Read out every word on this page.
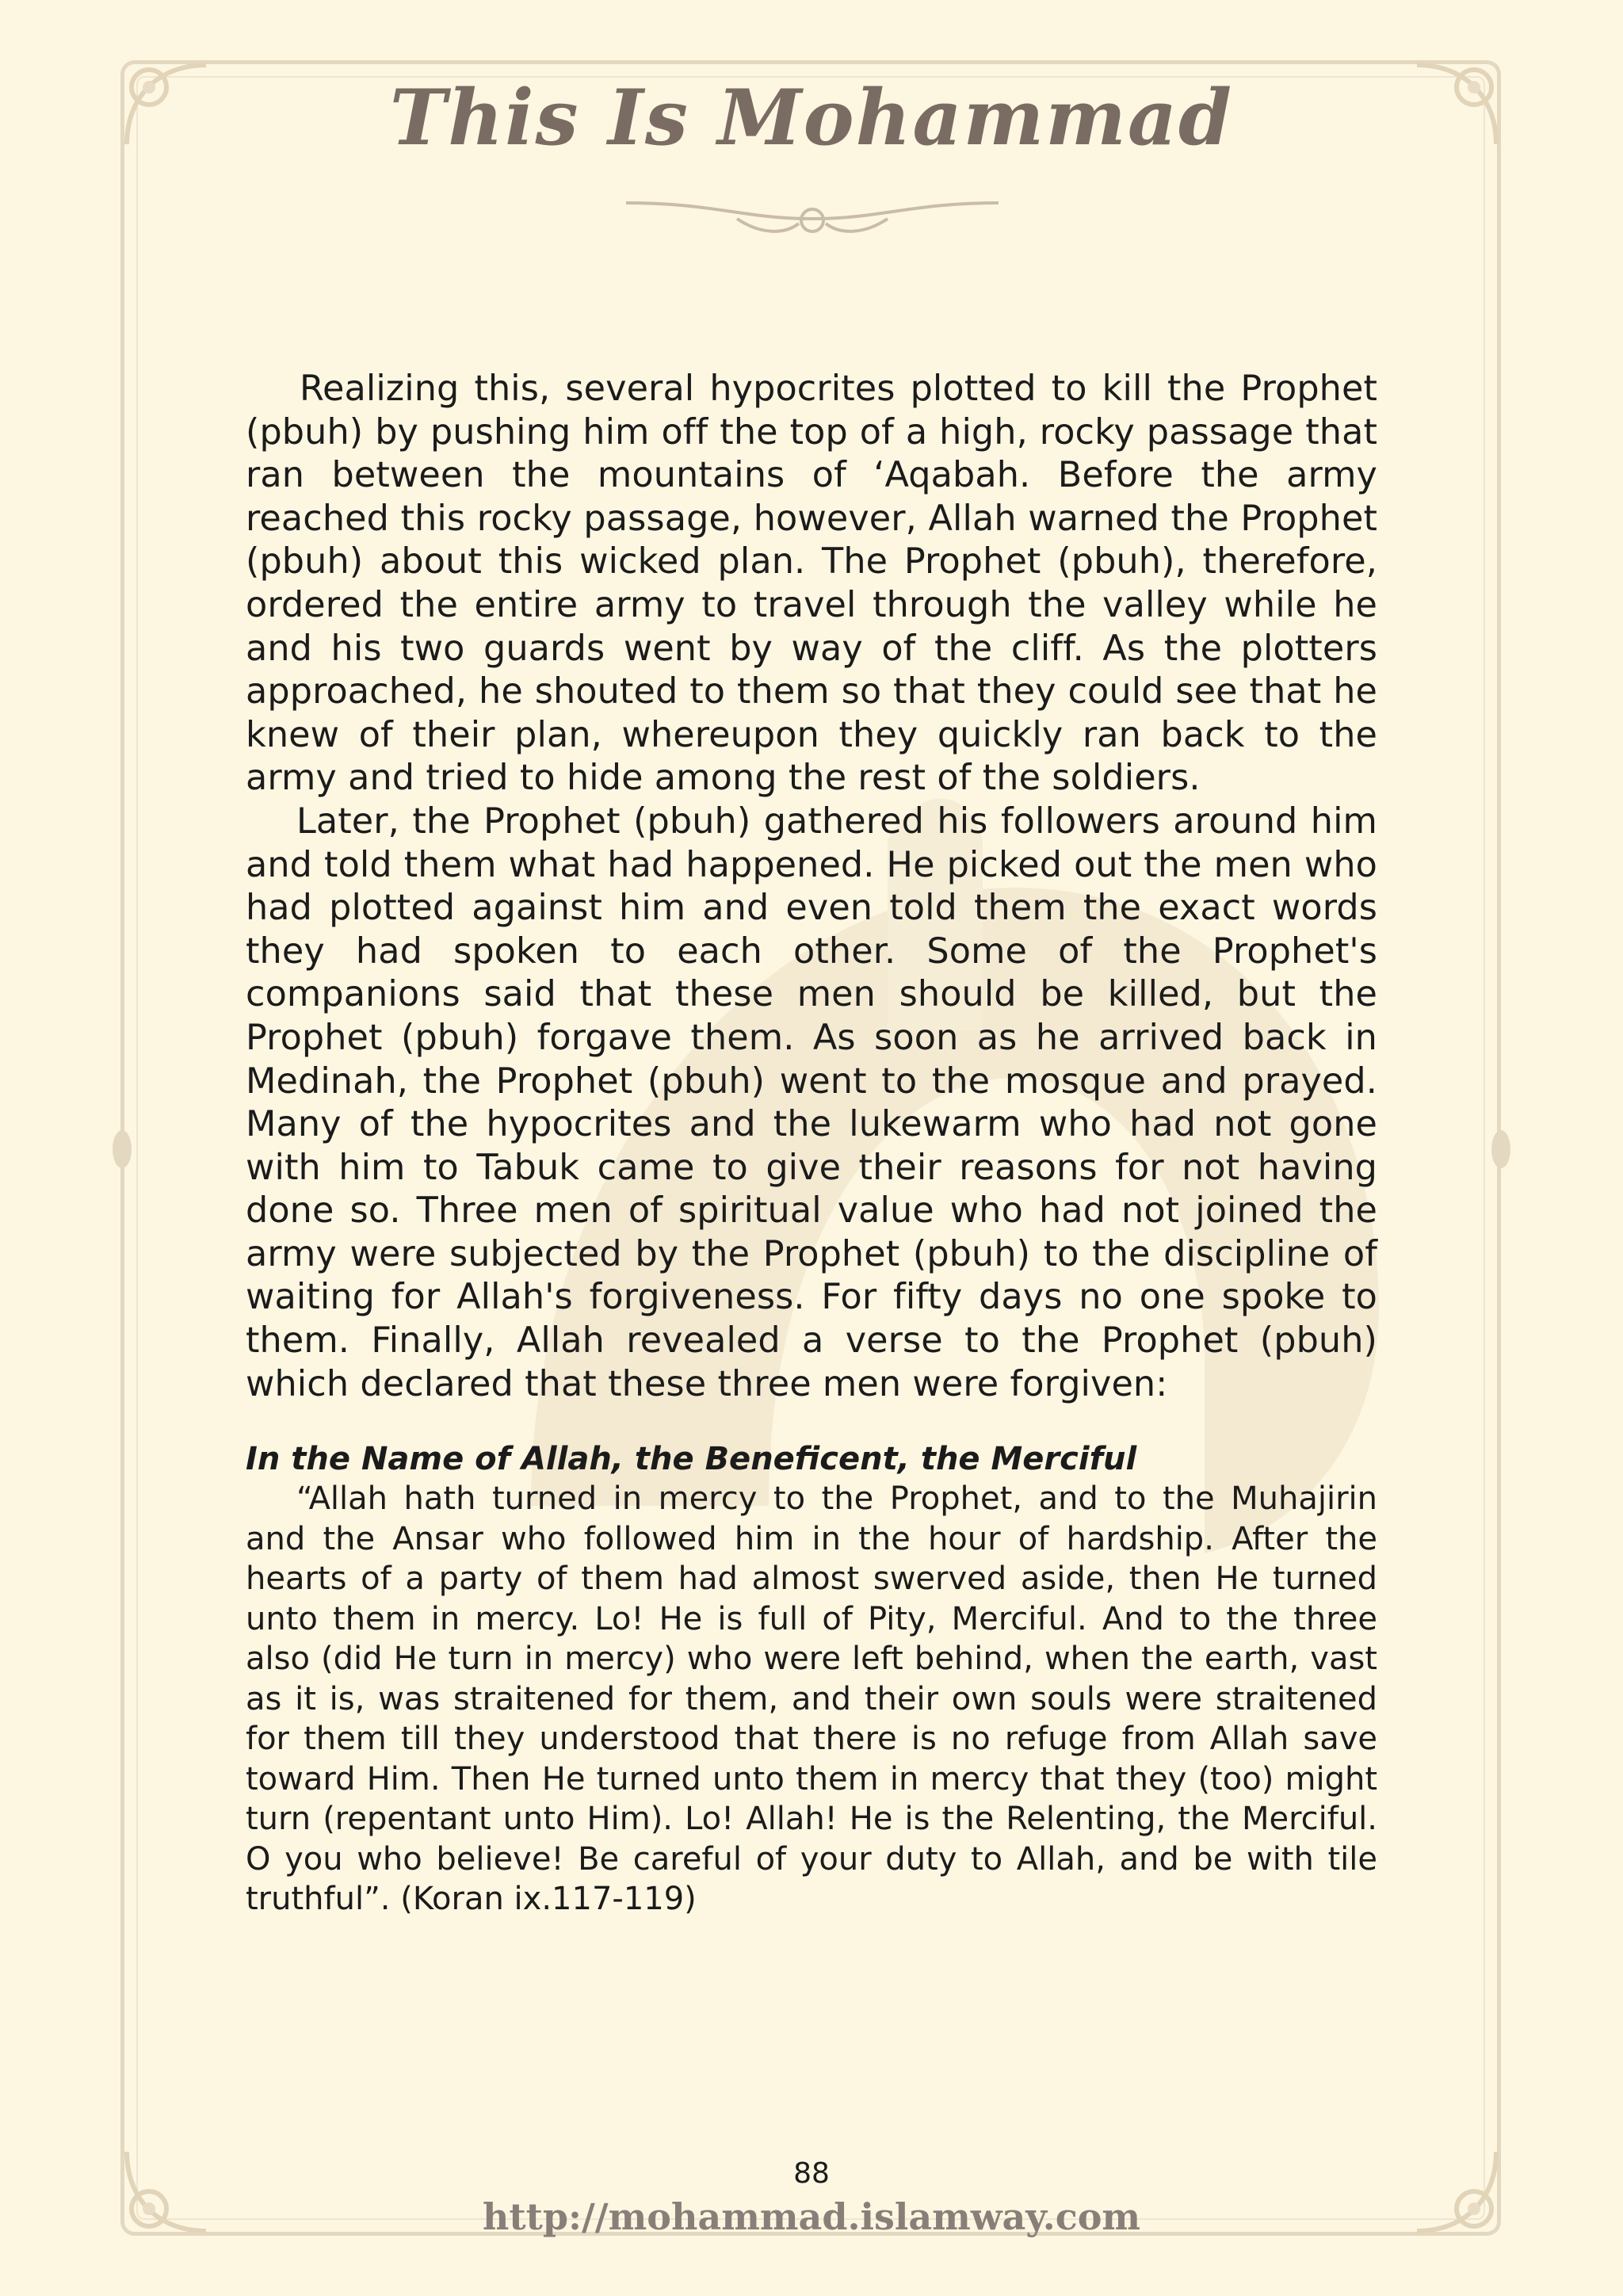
This Is Mohammad

Realizing this, several hypocrites plotted to kill the Prophet (pbuh) by pushing him off the top of a high, rocky passage that ran between the mountains of ‘Aqabah. Before the army reached this rocky passage, however, Allah warned the Prophet (pbuh) about this wicked plan. The Prophet (pbuh), therefore, ordered the entire army to travel through the valley while he and his two guards went by way of the cliff. As the plotters approached, he shouted to them so that they could see that he knew of their plan, whereupon they quickly ran back to the army and tried to hide among the rest of the soldiers.

Later, the Prophet (pbuh) gathered his followers around him and told them what had happened. He picked out the men who had plotted against him and even told them the exact words they had spoken to each other. Some of the Prophet's companions said that these men should be killed, but the Prophet (pbuh) forgave them. As soon as he arrived back in Medinah, the Prophet (pbuh) went to the mosque and prayed. Many of the hypocrites and the lukewarm who had not gone with him to Tabuk came to give their reasons for not having done so. Three men of spiritual value who had not joined the army were subjected by the Prophet (pbuh) to the discipline of waiting for Allah's forgiveness. For fifty days no one spoke to them. Finally, Allah revealed a verse to the Prophet (pbuh) which declared that these three men were forgiven:

In the Name of Allah, the Beneficent, the Merciful

“Allah hath turned in mercy to the Prophet, and to the Muhajirin and the Ansar who followed him in the hour of hardship. After the hearts of a party of them had almost swerved aside, then He turned unto them in mercy. Lo! He is full of Pity, Merciful. And to the three also (did He turn in mercy) who were left behind, when the earth, vast as it is, was straitened for them, and their own souls were straitened for them till they understood that there is no refuge from Allah save toward Him. Then He turned unto them in mercy that they (too) might turn (repentant unto Him). Lo! Allah! He is the Relenting, the Merciful. O you who believe! Be careful of your duty to Allah, and be with tile truthful”. (Koran ix.117-119)

88
http://mohammad.islamway.com
